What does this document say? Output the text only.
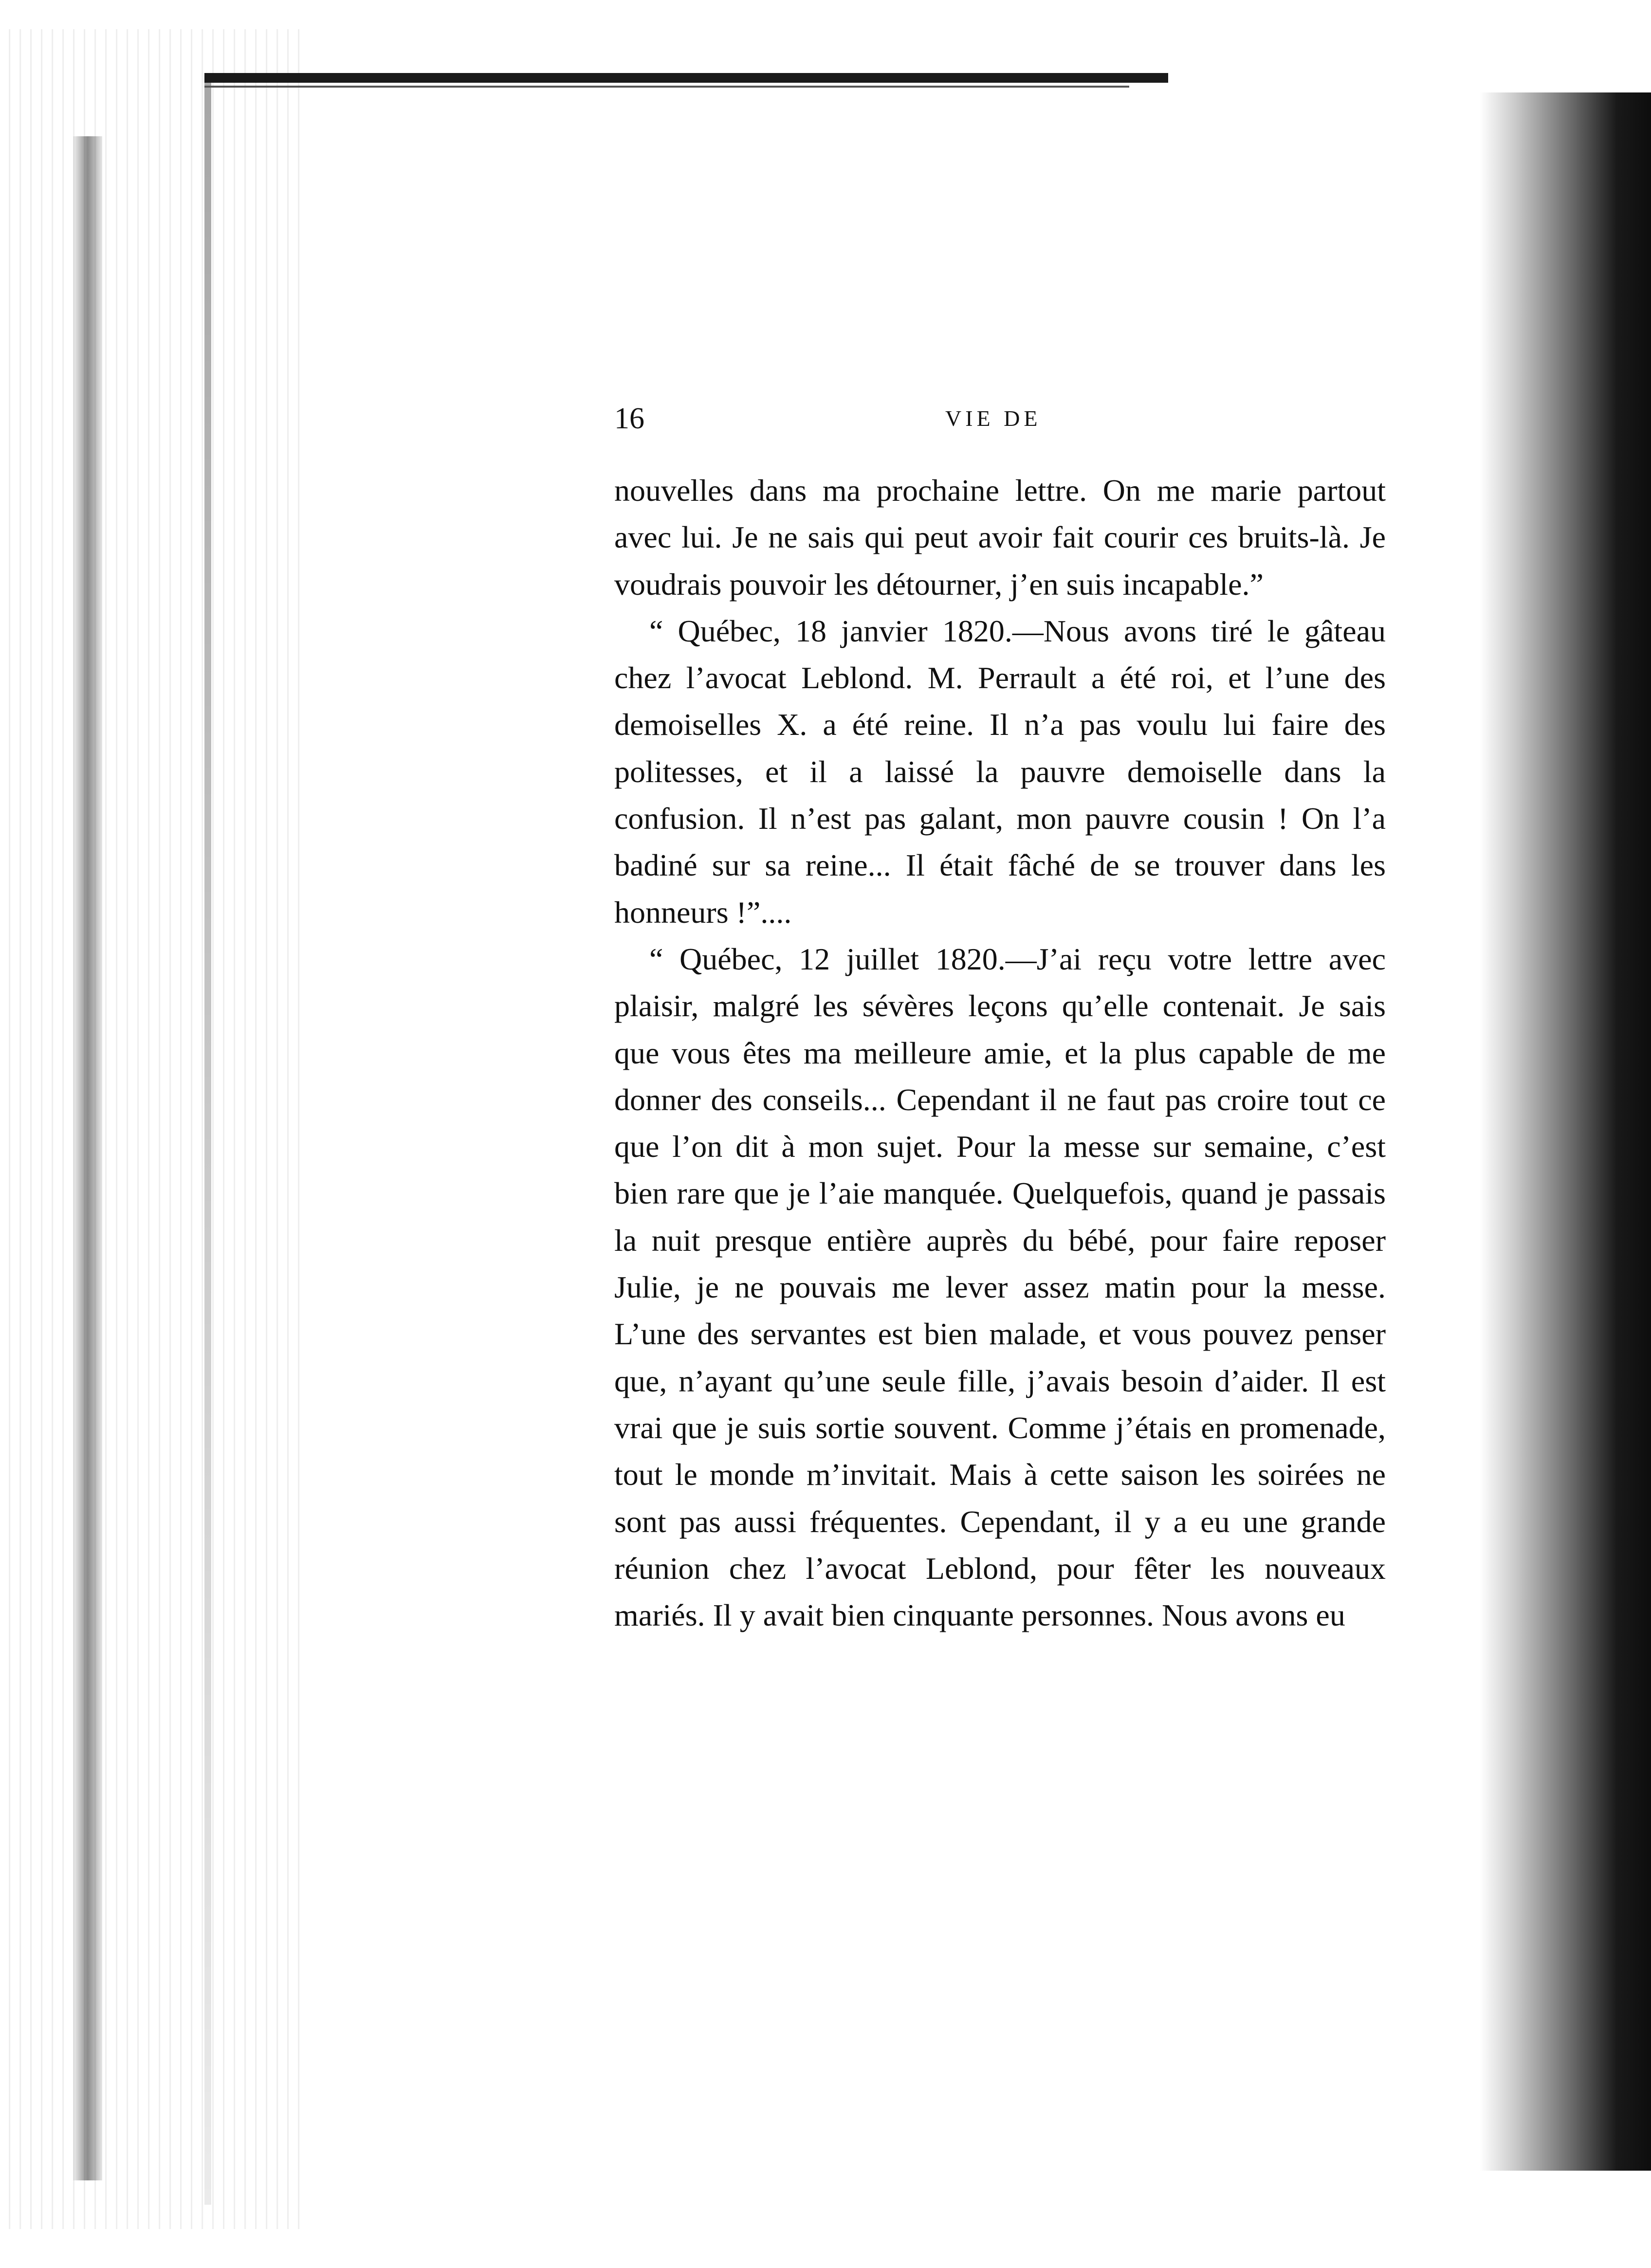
16	VIE DE

nouvelles dans ma prochaine lettre. On me marie partout avec lui. Je ne sais qui peut avoir fait courir ces bruits-là. Je voudrais pouvoir les détourner, j’en suis incapable.”

“ Québec, 18 janvier 1820.—Nous avons tiré le gâteau chez l’avocat Leblond. M. Perrault a été roi, et l’une des demoiselles X. a été reine. Il n’a pas voulu lui faire des politesses, et il a laissé la pauvre demoiselle dans la confusion. Il n’est pas galant, mon pauvre cousin ! On l’a badiné sur sa reine... Il était fâché de se trouver dans les honneurs !”....

“ Québec, 12 juillet 1820.—J’ai reçu votre lettre avec plaisir, malgré les sévères leçons qu’elle contenait. Je sais que vous êtes ma meilleure amie, et la plus capable de me donner des conseils... Cependant il ne faut pas croire tout ce que l’on dit à mon sujet. Pour la messe sur semaine, c’est bien rare que je l’aie manquée. Quelquefois, quand je passais la nuit presque entière auprès du bébé, pour faire reposer Julie, je ne pouvais me lever assez matin pour la messe. L’une des servantes est bien malade, et vous pouvez penser que, n’ayant qu’une seule fille, j’avais besoin d’aider. Il est vrai que je suis sortie souvent. Comme j’étais en promenade, tout le monde m’invitait. Mais à cette saison les soirées ne sont pas aussi fréquentes. Cependant, il y a eu une grande réunion chez l’avocat Leblond, pour fêter les nouveaux mariés. Il y avait bien cinquante personnes. Nous avons eu
